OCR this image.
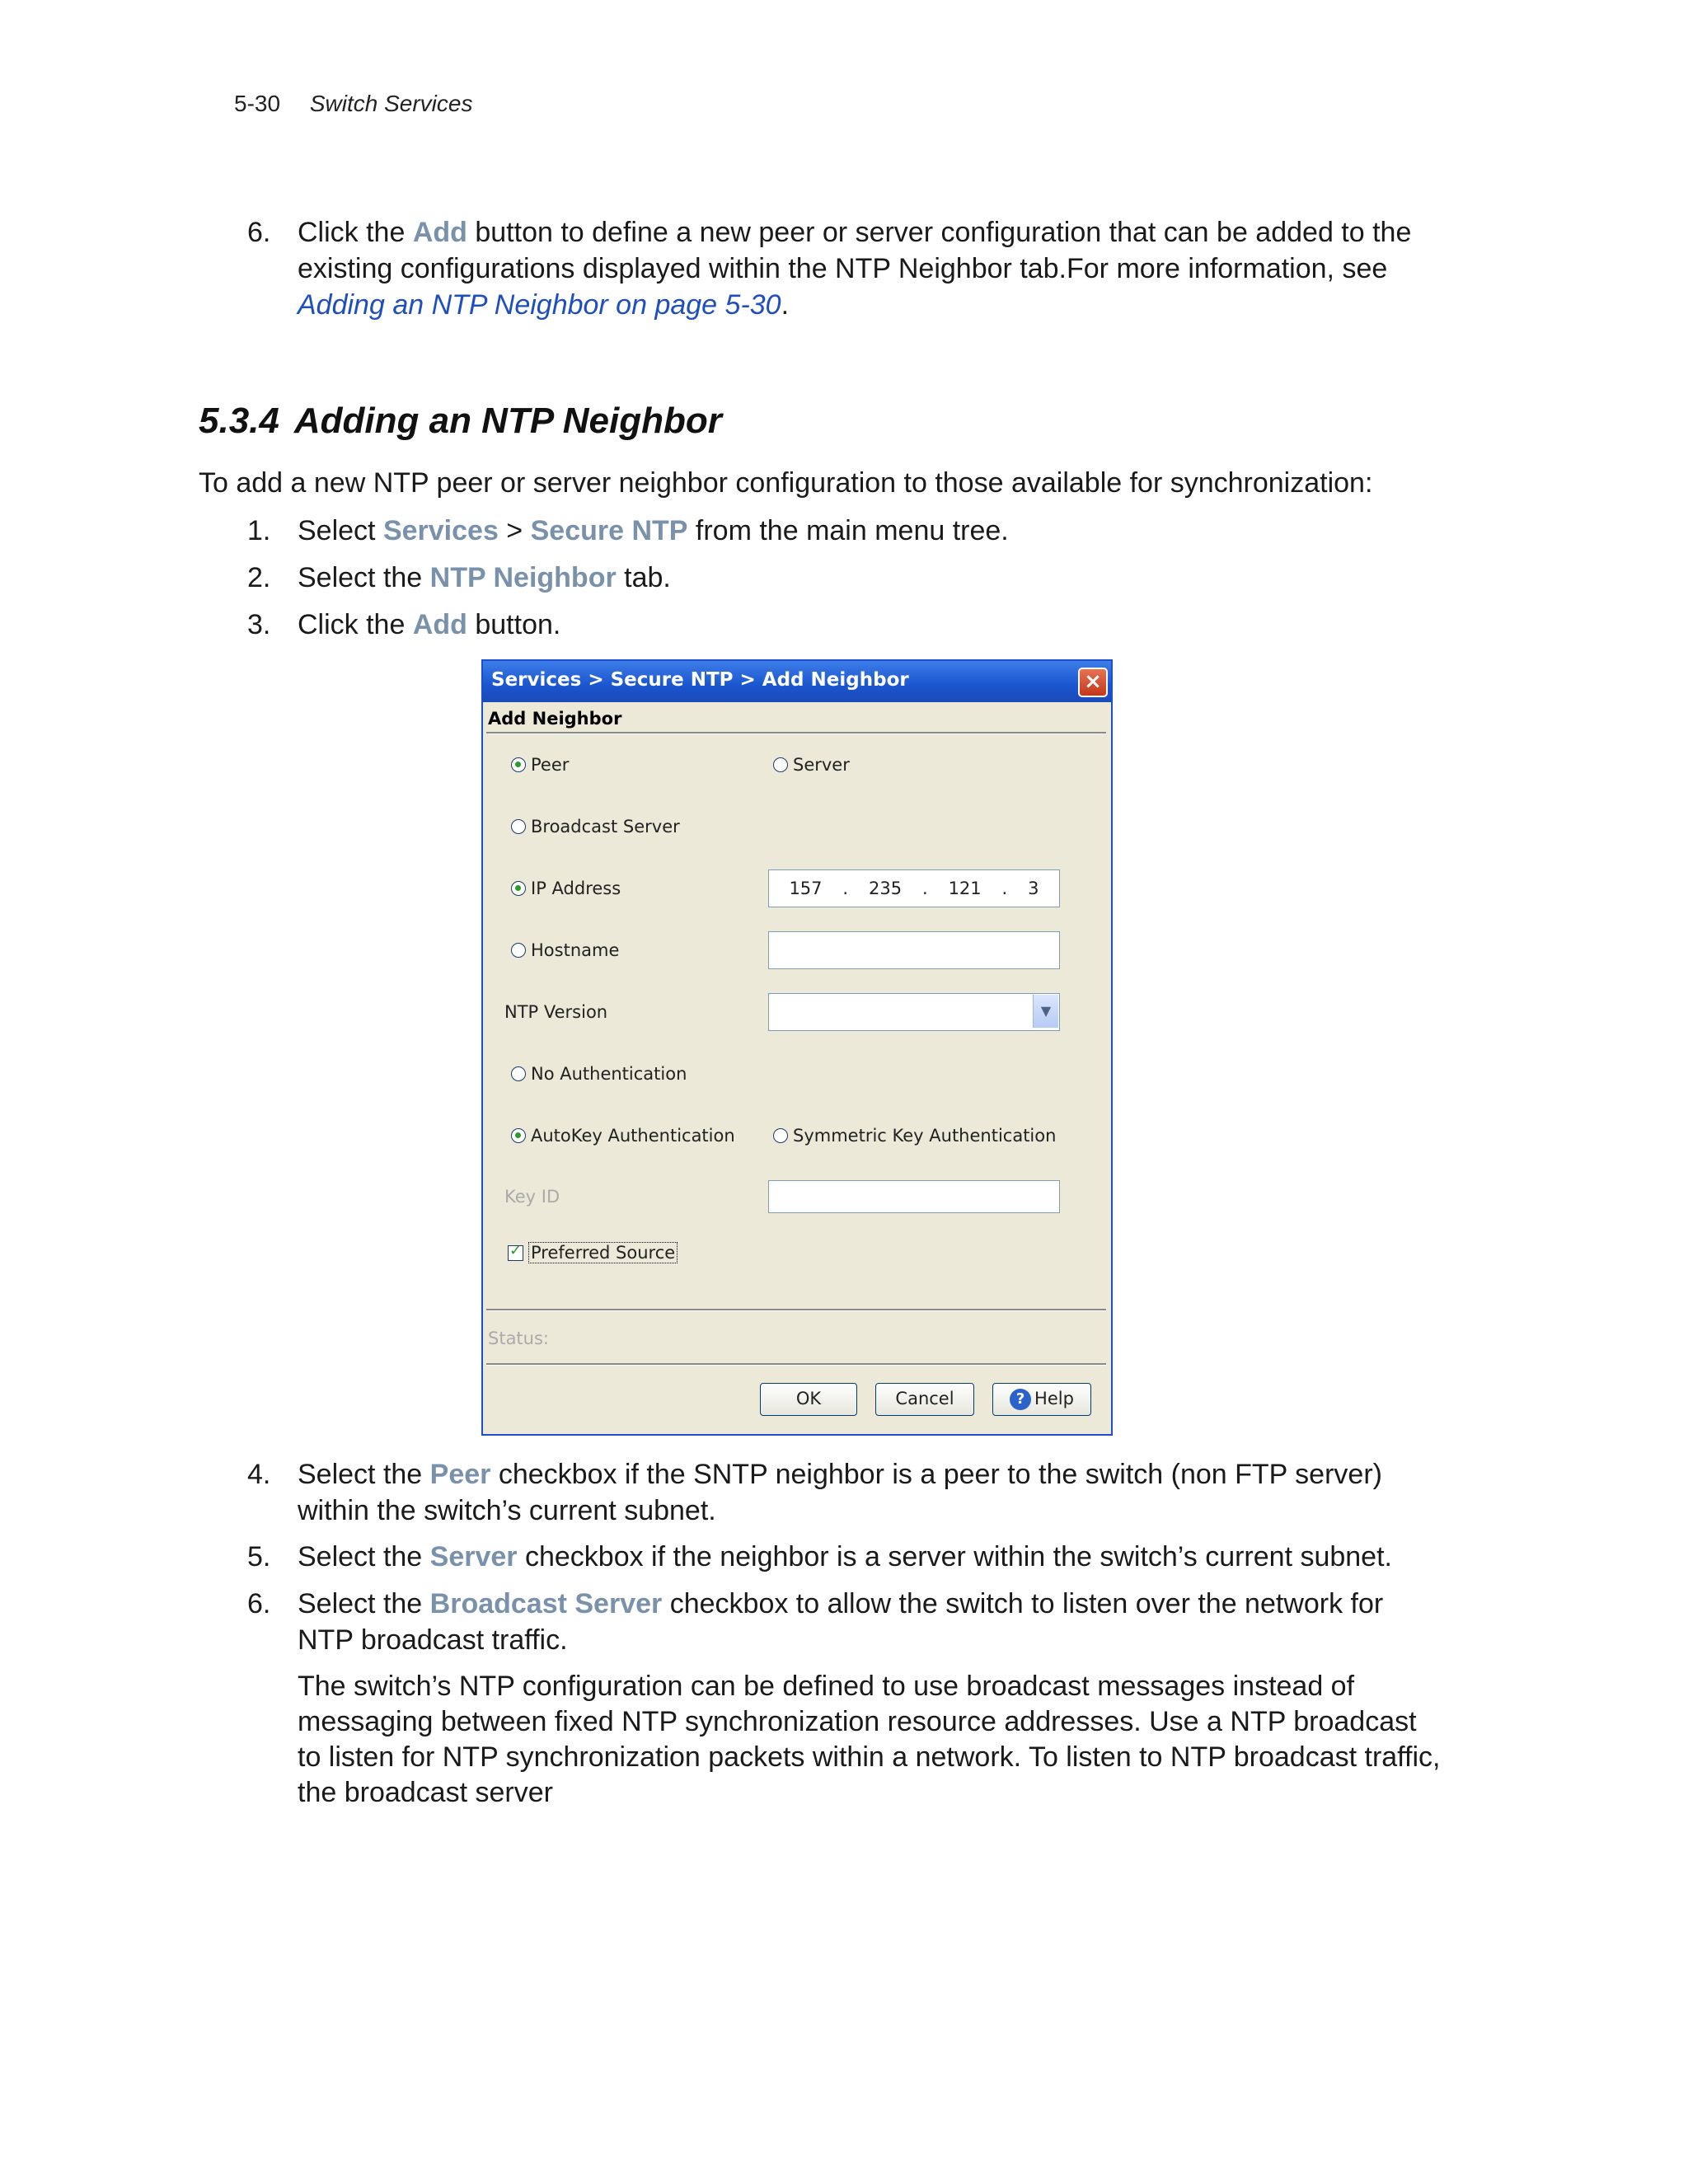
5-30 Switch Services
6. Click the Add button to define a new peer or server configuration that can be added to the existing configurations displayed within the NTP Neighbor tab.For more information, see
Adding an NTP Neighbor on page 5-30.
5.3.4 Adding an NTP Neighbor
To add a new NTP peer or server neighbor configuration to those available for synchronization:
1. Select Services > Secure NTP from the main menu tree.
2. Select the NTP Neighbor tab.
3. Click the Add button.
Services > Secure NTP > Add Neighbor	×
Add Neighbor
Peer	Server
Broadcast Server
IP Address	157 . 235 . 121 . 3
Hostname
NTP Version	▼
No Authentication
AutoKey Authentication	Symmetric Key Authentication
Key ID
✓
Preferred Source
Status:
OK	Cancel	? Help
4. Select the Peer checkbox if the SNTP neighbor is a peer to the switch (non FTP server) within the switch’s current subnet.
5. Select the Server checkbox if the neighbor is a server within the switch’s current subnet.
6. Select the Broadcast Server checkbox to allow the switch to listen over the network for NTP broadcast traffic.
The switch’s NTP configuration can be defined to use broadcast messages instead of messaging between fixed NTP synchronization resource addresses. Use a NTP broadcast to listen for NTP synchronization packets within a network. To listen to NTP broadcast traffic, the broadcast server
